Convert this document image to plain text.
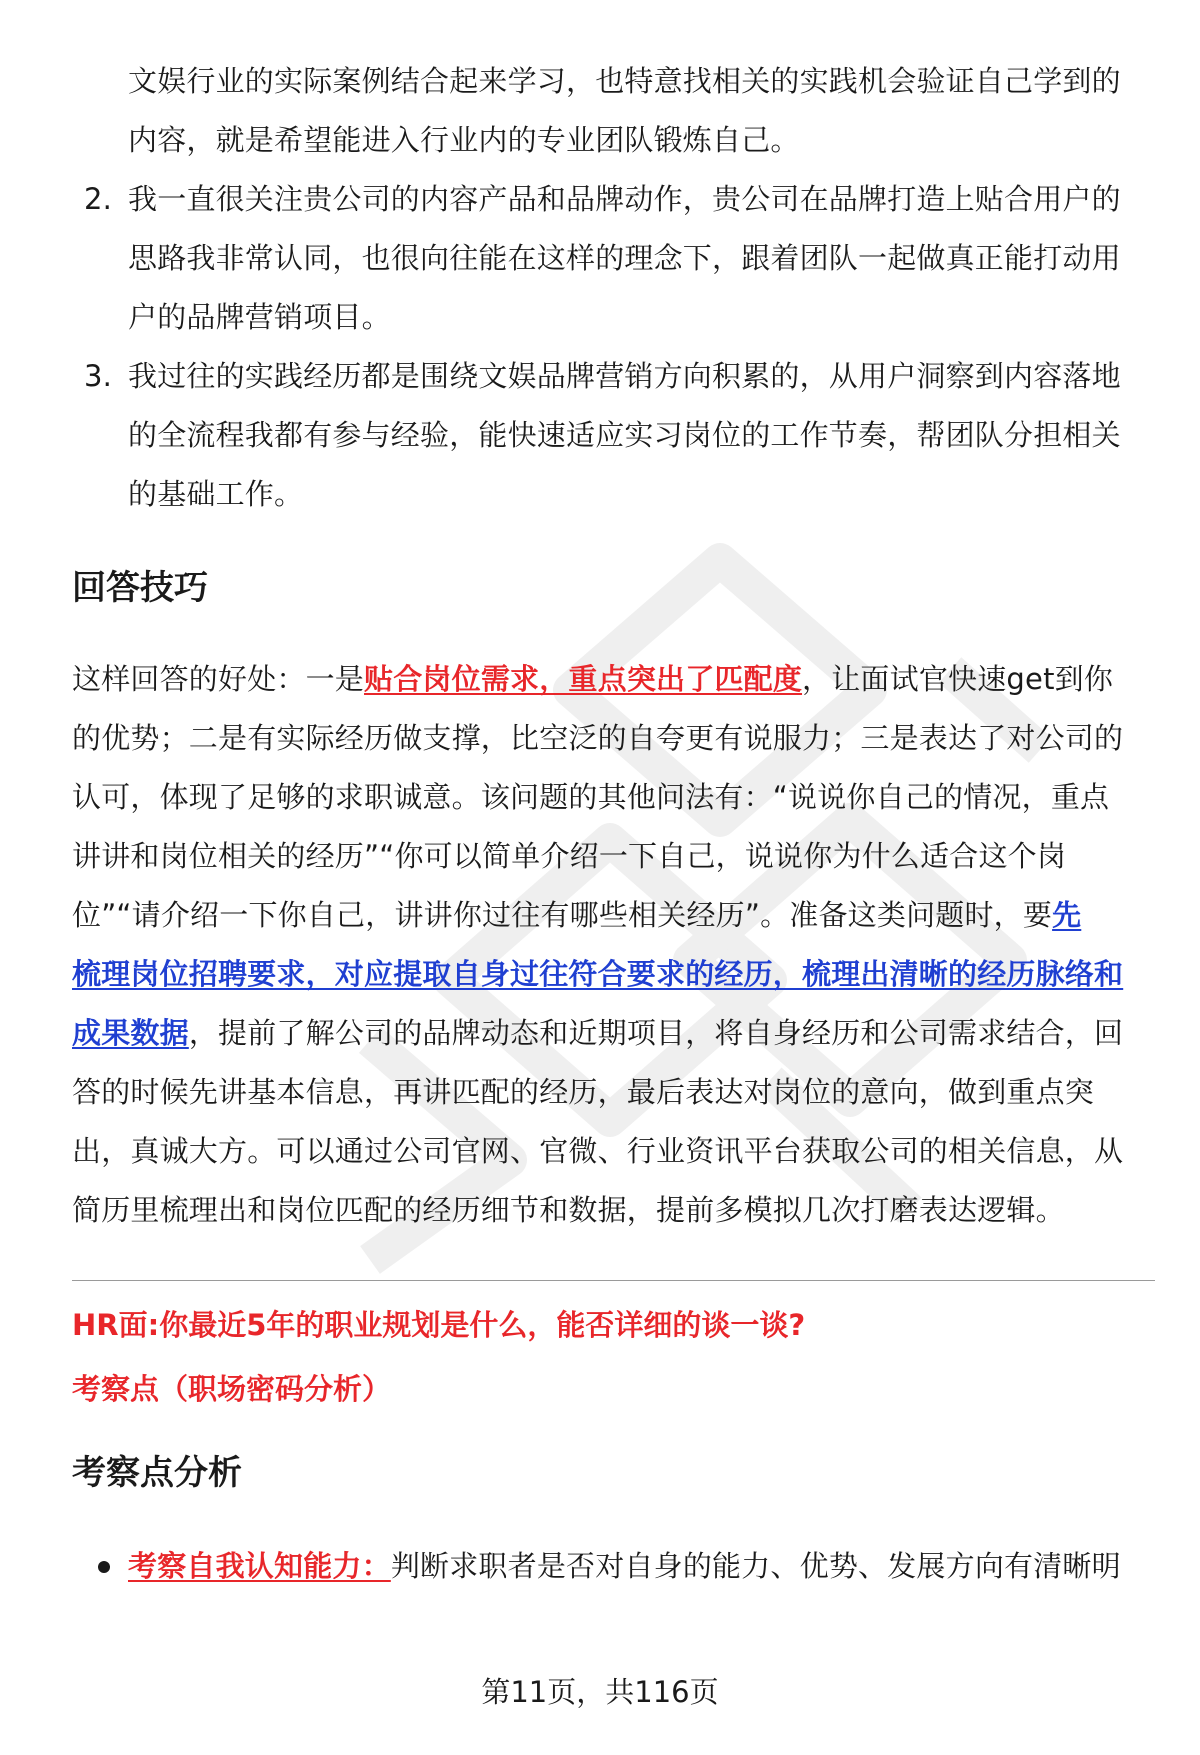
文娱行业的实际案例结合起来学习，也特意找相关的实践机会验证自己学到的

内容，就是希望能进入行业内的专业团队锻炼自己。

2. 我一直很关注贵公司的内容产品和品牌动作，贵公司在品牌打造上贴合用户的

思路我非常认同，也很向往能在这样的理念下，跟着团队一起做真正能打动用

户的品牌营销项目。

3. 我过往的实践经历都是围绕文娱品牌营销方向积累的，从用户洞察到内容落地

的全流程我都有参与经验，能快速适应实习岗位的工作节奏，帮团队分担相关

的基础工作。

回答技巧

这样回答的好处：一是贴合岗位需求，重点突出了匹配度，让面试官快速get到你

的优势；二是有实际经历做支撑，比空泛的自夸更有说服力；三是表达了对公司的

认可，体现了足够的求职诚意。该问题的其他问法有：“说说你自己的情况，重点

讲讲和岗位相关的经历”“你可以简单介绍一下自己，说说你为什么适合这个岗

位”“请介绍一下你自己，讲讲你过往有哪些相关经历”。准备这类问题时，要先

梳理岗位招聘要求，对应提取自身过往符合要求的经历，梳理出清晰的经历脉络和

成果数据，提前了解公司的品牌动态和近期项目，将自身经历和公司需求结合，回

答的时候先讲基本信息，再讲匹配的经历，最后表达对岗位的意向，做到重点突

出，真诚大方。可以通过公司官网、官微、行业资讯平台获取公司的相关信息，从

简历里梳理出和岗位匹配的经历细节和数据，提前多模拟几次打磨表达逻辑。

HR面:你最近5年的职业规划是什么，能否详细的谈一谈?

考察点（职场密码分析）

考察点分析

考察自我认知能力：判断求职者是否对自身的能力、优势、发展方向有清晰明

第11页，共116页
